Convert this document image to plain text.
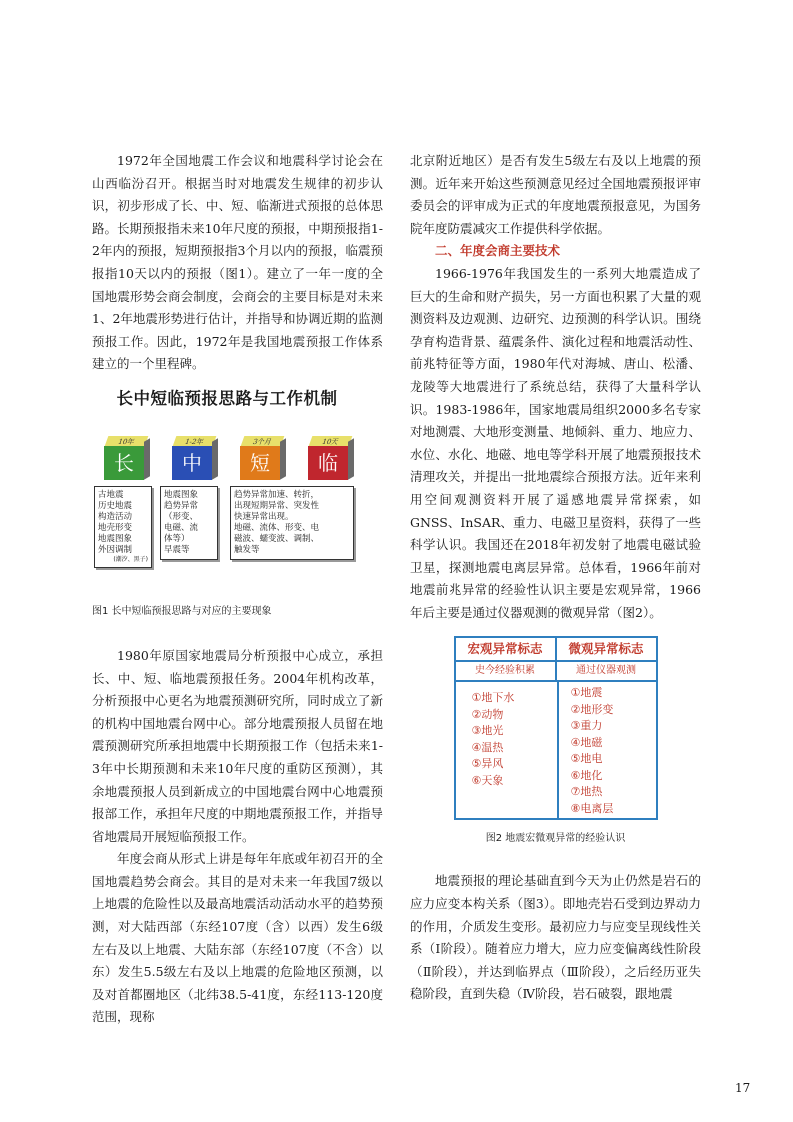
1972年全国地震工作会议和地震科学讨论会在山西临汾召开。根据当时对地震发生规律的初步认识，初步形成了长、中、短、临渐进式预报的总体思路。长期预报指未来10年尺度的预报，中期预报指1-2年内的预报，短期预报指3个月以内的预报，临震预报指10天以内的预报（图1）。建立了一年一度的全国地震形势会商会制度，会商会的主要目标是对未来1、2年地震形势进行估计，并指导和协调近期的监测预报工作。因此，1972年是我国地震预报工作体系建立的一个里程碑。

长中短临预报思路与工作机制
10年
长
1-2年
中
3个月
短
10天
临
古地震
历史地震
构造活动
地壳形变
地震图象
外因调制
(潮汐、黑子)
地震图象
趋势异常
（形变、
电磁、流
体等）
早震等
趋势异常加速、转折，
出现短期异常、突发性
快速异常出现。
地磁、流体、形变、电
磁波、蠕变波、调制、
触发等
图1 长中短临预报思路与对应的主要现象

1980年原国家地震局分析预报中心成立，承担长、中、短、临地震预报任务。2004年机构改革，分析预报中心更名为地震预测研究所，同时成立了新的机构中国地震台网中心。部分地震预报人员留在地震预测研究所承担地震中长期预报工作（包括未来1-3年中长期预测和未来10年尺度的重防区预测），其余地震预报人员到新成立的中国地震台网中心地震预报部工作，承担年尺度的中期地震预报工作，并指导省地震局开展短临预报工作。

年度会商从形式上讲是每年年底或年初召开的全国地震趋势会商会。其目的是对未来一年我国7级以上地震的危险性以及最高地震活动活动水平的趋势预测，对大陆西部（东经107度（含）以西）发生6级左右及以上地震、大陆东部（东经107度（不含）以东）发生5.5级左右及以上地震的危险地区预测，以及对首都圈地区（北纬38.5-41度，东经113-120度范围，现称

北京附近地区）是否有发生5级左右及以上地震的预测。近年来开始这些预测意见经过全国地震预报评审委员会的评审成为正式的年度地震预报意见，为国务院年度防震减灾工作提供科学依据。

二、年度会商主要技术

1966-1976年我国发生的一系列大地震造成了巨大的生命和财产损失，另一方面也积累了大量的观测资料及边观测、边研究、边预测的科学认识。围绕孕育构造背景、蕴震条件、演化过程和地震活动性、前兆特征等方面，1980年代对海城、唐山、松潘、龙陵等大地震进行了系统总结，获得了大量科学认识。1983-1986年，国家地震局组织2000多名专家对地测震、大地形变测量、地倾斜、重力、地应力、水位、水化、地磁、地电等学科开展了地震预报技术清理攻关，并提出一批地震综合预报方法。近年来利用空间观测资料开展了遥感地震异常探索，如GNSS、InSAR、重力、电磁卫星资料，获得了一些科学认识。我国还在2018年初发射了地震电磁试验卫星，探测地震电离层异常。总体看，1966年前对地震前兆异常的经验性认识主要是宏观异常，1966年后主要是通过仪器观测的微观异常（图2）。

宏观异常标志	微观异常标志
史今经验积累	通过仪器观测
①地下水
②动物
③地光
④温热
⑤异风
⑥天象
①地震
②地形变
③重力
④地磁
⑤地电
⑥地化
⑦地热
⑧电离层
图2 地震宏微观异常的经验认识

地震预报的理论基础直到今天为止仍然是岩石的应力应变本构关系（图3）。即地壳岩石受到边界动力的作用，介质发生变形。最初应力与应变呈现线性关系（Ⅰ阶段）。随着应力增大，应力应变偏离线性阶段（Ⅱ阶段），并达到临界点（Ⅲ阶段），之后经历亚失稳阶段，直到失稳（Ⅳ阶段，岩石破裂，跟地震

17
